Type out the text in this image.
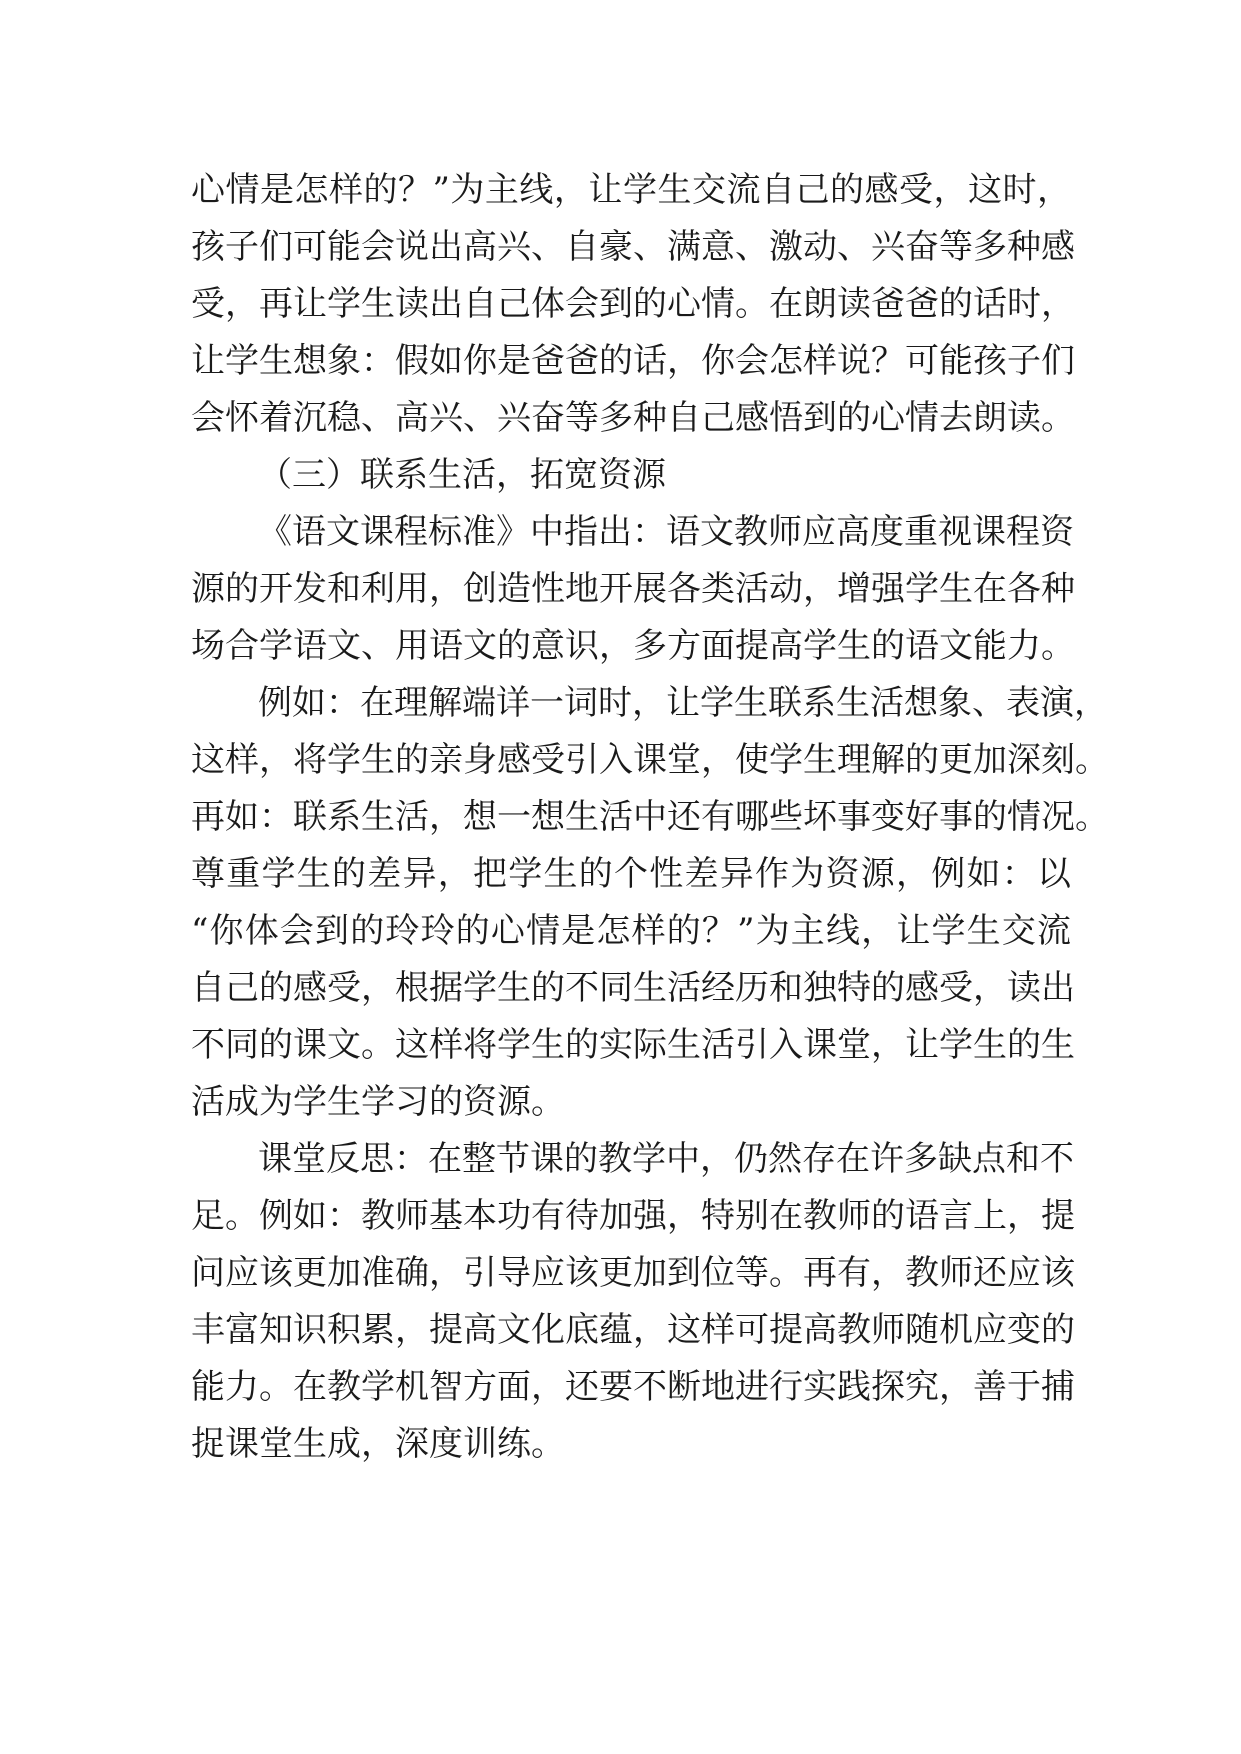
心情是怎样的？”为主线，让学生交流自己的感受，这时，
孩子们可能会说出高兴、自豪、满意、激动、兴奋等多种感
受，再让学生读出自己体会到的心情。在朗读爸爸的话时，
让学生想象：假如你是爸爸的话，你会怎样说？可能孩子们
会怀着沉稳、高兴、兴奋等多种自己感悟到的心情去朗读。
（三）联系生活，拓宽资源
《语文课程标准》中指出：语文教师应高度重视课程资
源的开发和利用，创造性地开展各类活动，增强学生在各种
场合学语文、用语文的意识，多方面提高学生的语文能力。
例如：在理解端详一词时，让学生联系生活想象、表演，
这样，将学生的亲身感受引入课堂，使学生理解的更加深刻。
再如：联系生活，想一想生活中还有哪些坏事变好事的情况。
尊重学生的差异，把学生的个性差异作为资源，例如：以
“你体会到的玲玲的心情是怎样的？”为主线，让学生交流
自己的感受，根据学生的不同生活经历和独特的感受，读出
不同的课文。这样将学生的实际生活引入课堂，让学生的生
活成为学生学习的资源。
课堂反思：在整节课的教学中，仍然存在许多缺点和不
足。例如：教师基本功有待加强，特别在教师的语言上，提
问应该更加准确，引导应该更加到位等。再有，教师还应该
丰富知识积累，提高文化底蕴，这样可提高教师随机应变的
能力。在教学机智方面，还要不断地进行实践探究，善于捕
捉课堂生成，深度训练。
